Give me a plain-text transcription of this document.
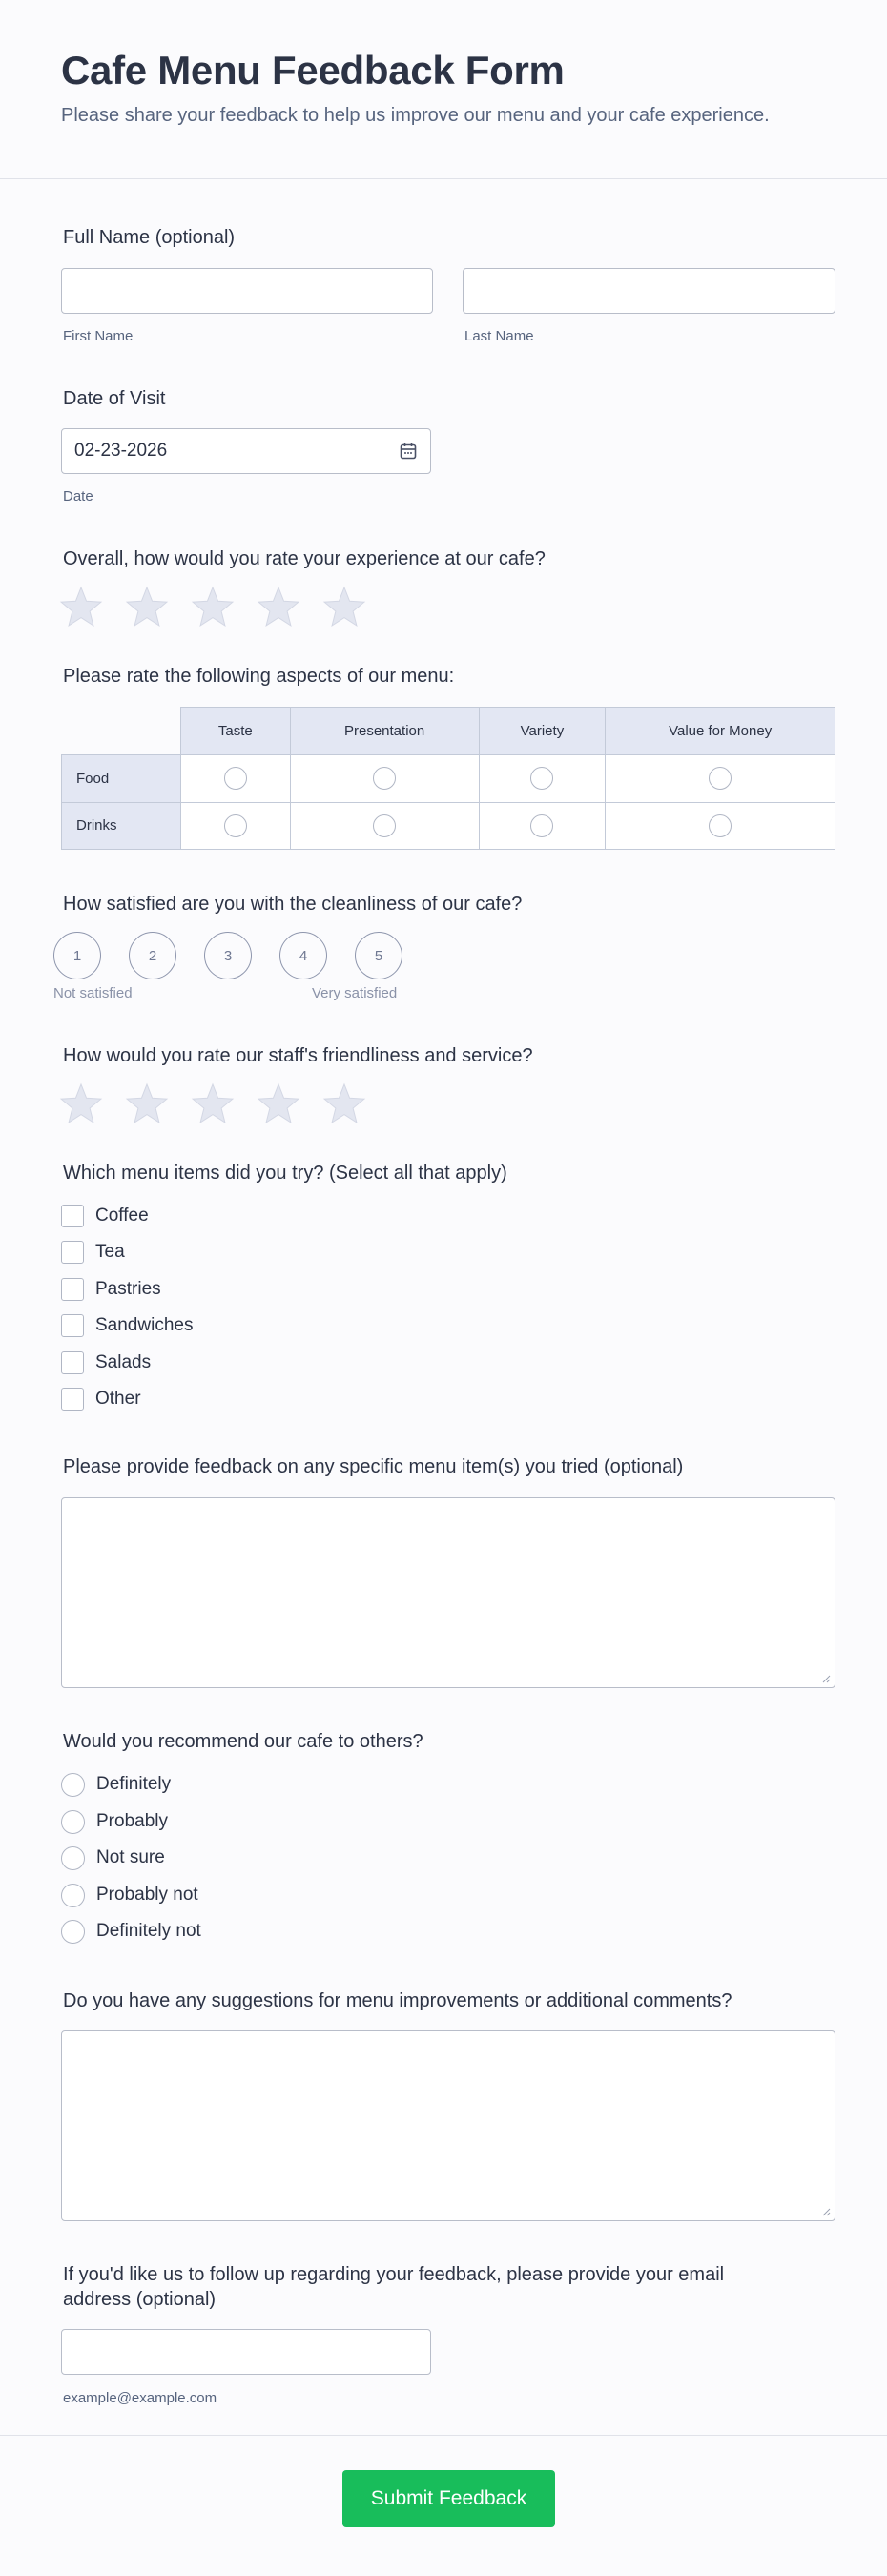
Cafe Menu Feedback Form
Please share your feedback to help us improve our menu and your cafe experience.
Full Name (optional)
First Name	Last Name
Date of Visit
02-23-2026
Date
Overall, how would you rate your experience at our cafe?
Please rate the following aspects of our menu:
	Taste	Presentation	Variety	Value for Money
Food				
Drinks				
How satisfied are you with the cleanliness of our cafe?
1	2	3	4	5
Not satisfied	Very satisfied
How would you rate our staff's friendliness and service?
Which menu items did you try? (Select all that apply)
Coffee
Tea
Pastries
Sandwiches
Salads
Other
Please provide feedback on any specific menu item(s) you tried (optional)
Would you recommend our cafe to others?
Definitely
Probably
Not sure
Probably not
Definitely not
Do you have any suggestions for menu improvements or additional comments?
If you'd like us to follow up regarding your feedback, please provide your email
address (optional)
example@example.com
Submit Feedback
